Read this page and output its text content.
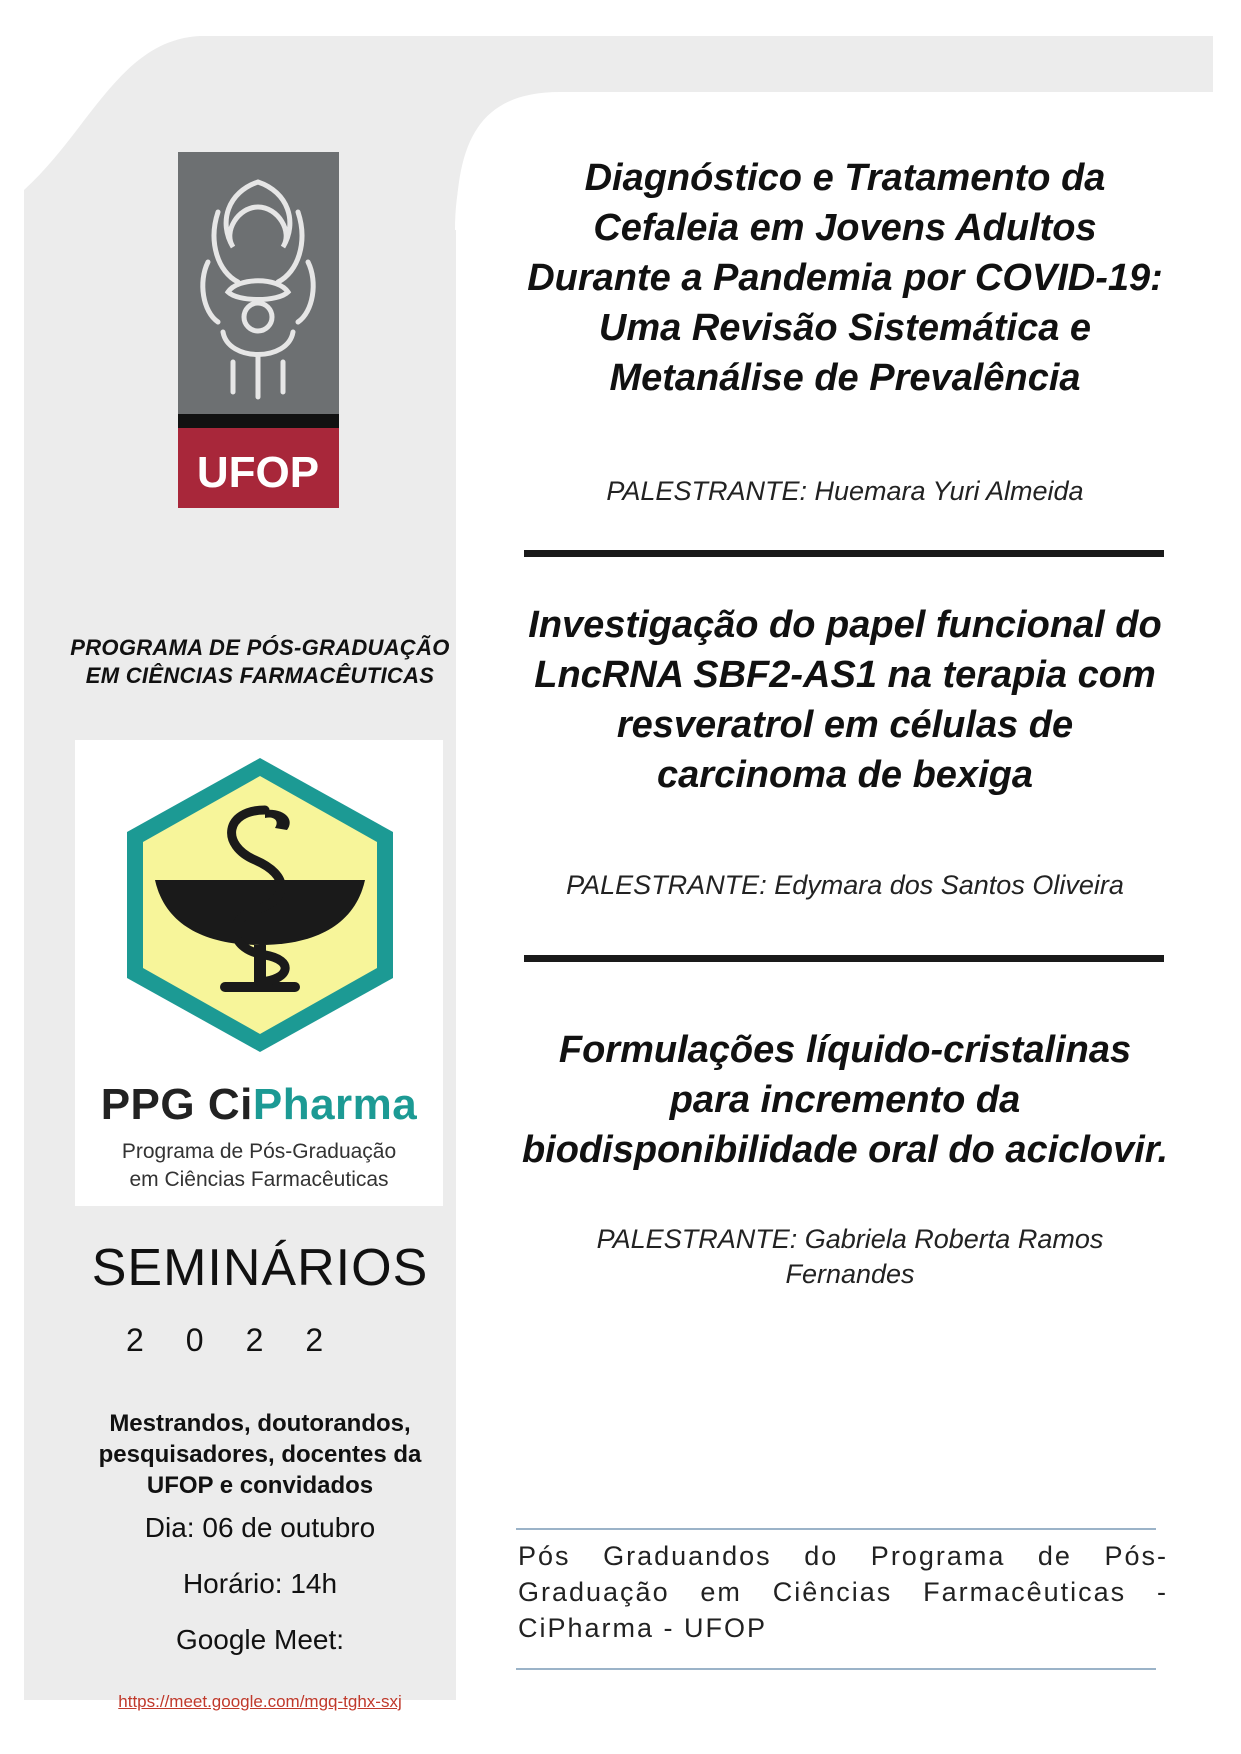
UFOP
PROGRAMA DE PÓS-GRADUAÇÃO EM CIÊNCIAS FARMACÊUTICAS
PPG CiPharma
Programa de Pós-Graduação
em Ciências Farmacêuticas
SEMINÁRIOS
2022
Mestrandos, doutorandos, pesquisadores, docentes da UFOP e convidados
Dia: 06 de outubro
Horário: 14h
Google Meet:
https://meet.google.com/mgq-tghx-sxj
Diagnóstico e Tratamento da Cefaleia em Jovens Adultos Durante a Pandemia por COVID-19: Uma Revisão Sistemática e Metanálise de Prevalência
PALESTRANTE: Huemara Yuri Almeida
Investigação do papel funcional do LncRNA SBF2-AS1 na terapia com resveratrol em células de carcinoma de bexiga
PALESTRANTE: Edymara dos Santos Oliveira
Formulações líquido-cristalinas para incremento da biodisponibilidade oral do aciclovir.
PALESTRANTE: Gabriela Roberta Ramos Fernandes
Pós Graduandos do Programa de Pós-Graduação em Ciências Farmacêuticas - CiPharma - UFOP
